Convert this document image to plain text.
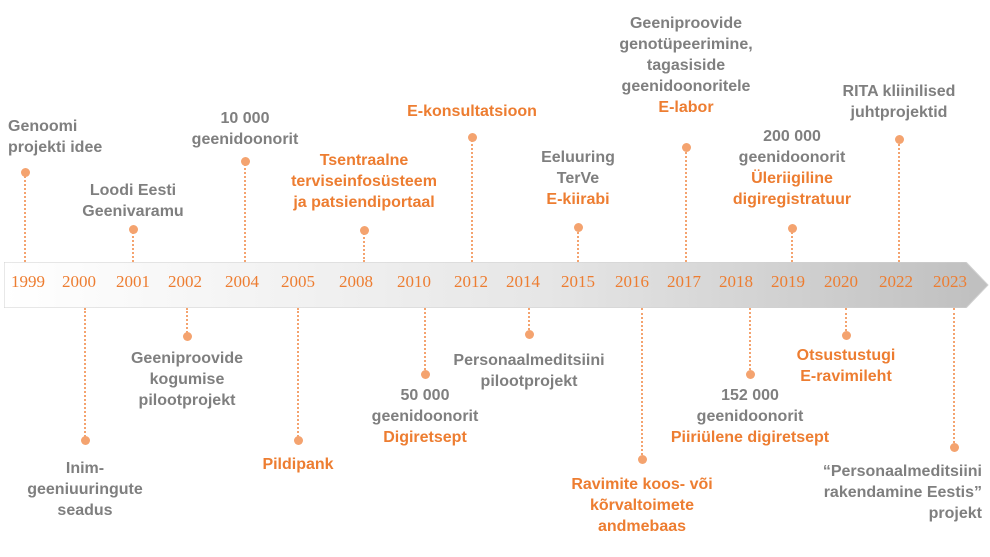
1999	2000	2001	2002	2004	2005	2008	2010	2012	2014	2015	2016	2017	2018	2019	2020	2022	2023
Genoomi
projekti idee
Loodi Eesti
Geenivaramu
10 000
geenidoonorit
Tsentraalne
terviseinfosüsteem
ja patsiendiportaal
E-konsultatsioon
Eeluuring
TerVe
E-kiirabi
Geeniproovide
genotüpeerimine,
tagasiside
geenidoonoritele
E-labor
200 000
geenidoonorit
Üleriigiline
digiregistratuur
RITA kliinilised
juhtprojektid
Inim-
geeniuuringute
seadus
Geeniproovide
kogumise
pilootprojekt
Pildipank
50 000
geenidoonorit
Digiretsept
Personaalmeditsiini
pilootprojekt
Ravimite koos- või
kõrvaltoimete
andmebaas
152 000
geenidoonorit
Piiriülene digiretsept
Otsustustugi
E-ravimileht
“Personaalmeditsiini
rakendamine Eestis”
projekt
